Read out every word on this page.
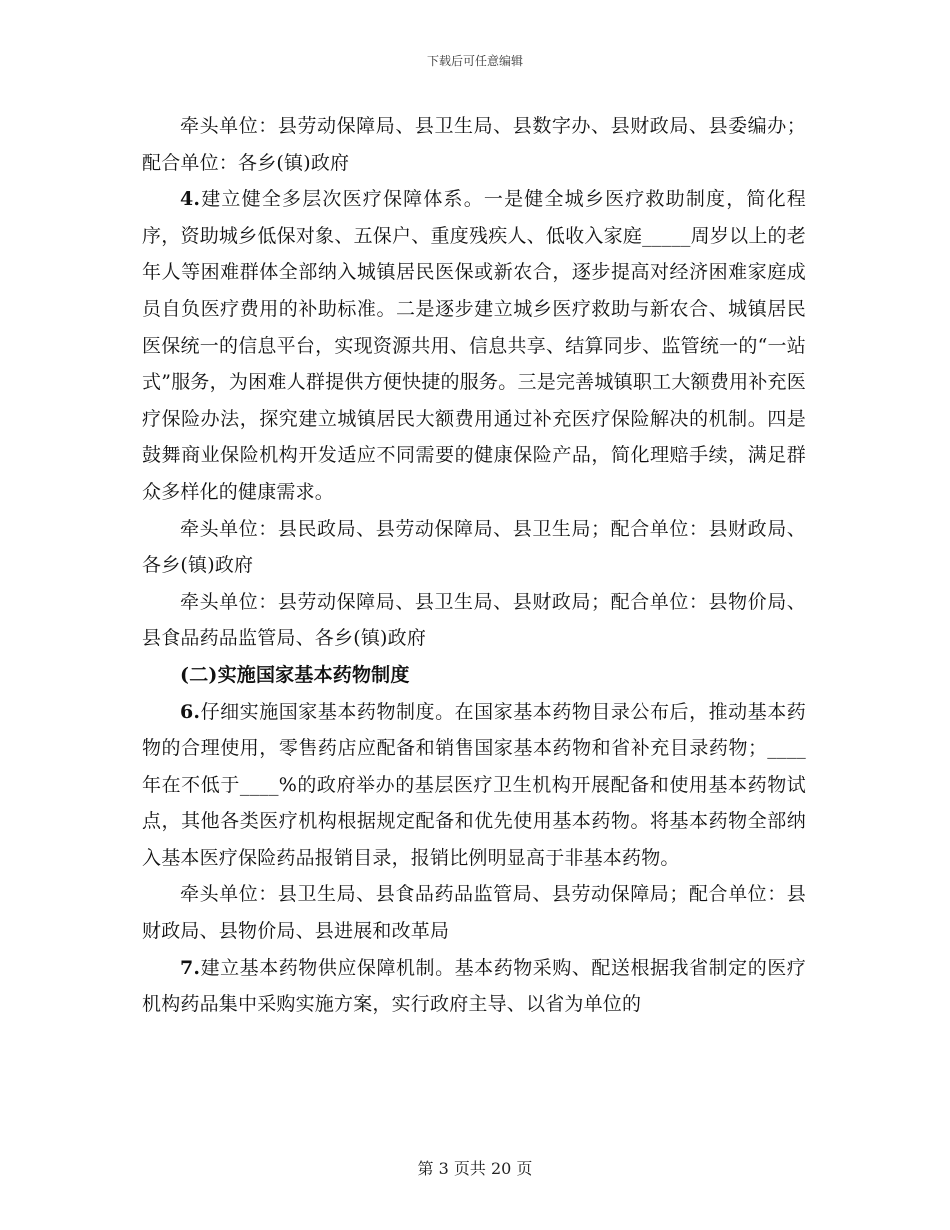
下载后可任意编辑

牵头单位：县劳动保障局、县卫生局、县数字办、县财政局、县委编办；配合单位：各乡(镇)政府

4.建立健全多层次医疗保障体系。一是健全城乡医疗救助制度，简化程序，资助城乡低保对象、五保户、重度残疾人、低收入家庭_____周岁以上的老年人等困难群体全部纳入城镇居民医保或新农合，逐步提高对经济困难家庭成员自负医疗费用的补助标准。二是逐步建立城乡医疗救助与新农合、城镇居民医保统一的信息平台，实现资源共用、信息共享、结算同步、监管统一的“一站式”服务，为困难人群提供方便快捷的服务。三是完善城镇职工大额费用补充医疗保险办法，探究建立城镇居民大额费用通过补充医疗保险解决的机制。四是鼓舞商业保险机构开发适应不同需要的健康保险产品，简化理赔手续，满足群众多样化的健康需求。

牵头单位：县民政局、县劳动保障局、县卫生局；配合单位：县财政局、各乡(镇)政府

牵头单位：县劳动保障局、县卫生局、县财政局；配合单位：县物价局、县食品药品监管局、各乡(镇)政府

(二)实施国家基本药物制度

6.仔细实施国家基本药物制度。在国家基本药物目录公布后，推动基本药物的合理使用，零售药店应配备和销售国家基本药物和省补充目录药物；____年在不低于____%的政府举办的基层医疗卫生机构开展配备和使用基本药物试点，其他各类医疗机构根据规定配备和优先使用基本药物。将基本药物全部纳入基本医疗保险药品报销目录，报销比例明显高于非基本药物。

牵头单位：县卫生局、县食品药品监管局、县劳动保障局；配合单位：县财政局、县物价局、县进展和改革局

7.建立基本药物供应保障机制。基本药物采购、配送根据我省制定的医疗机构药品集中采购实施方案，实行政府主导、以省为单位的

第 3 页共 20 页
